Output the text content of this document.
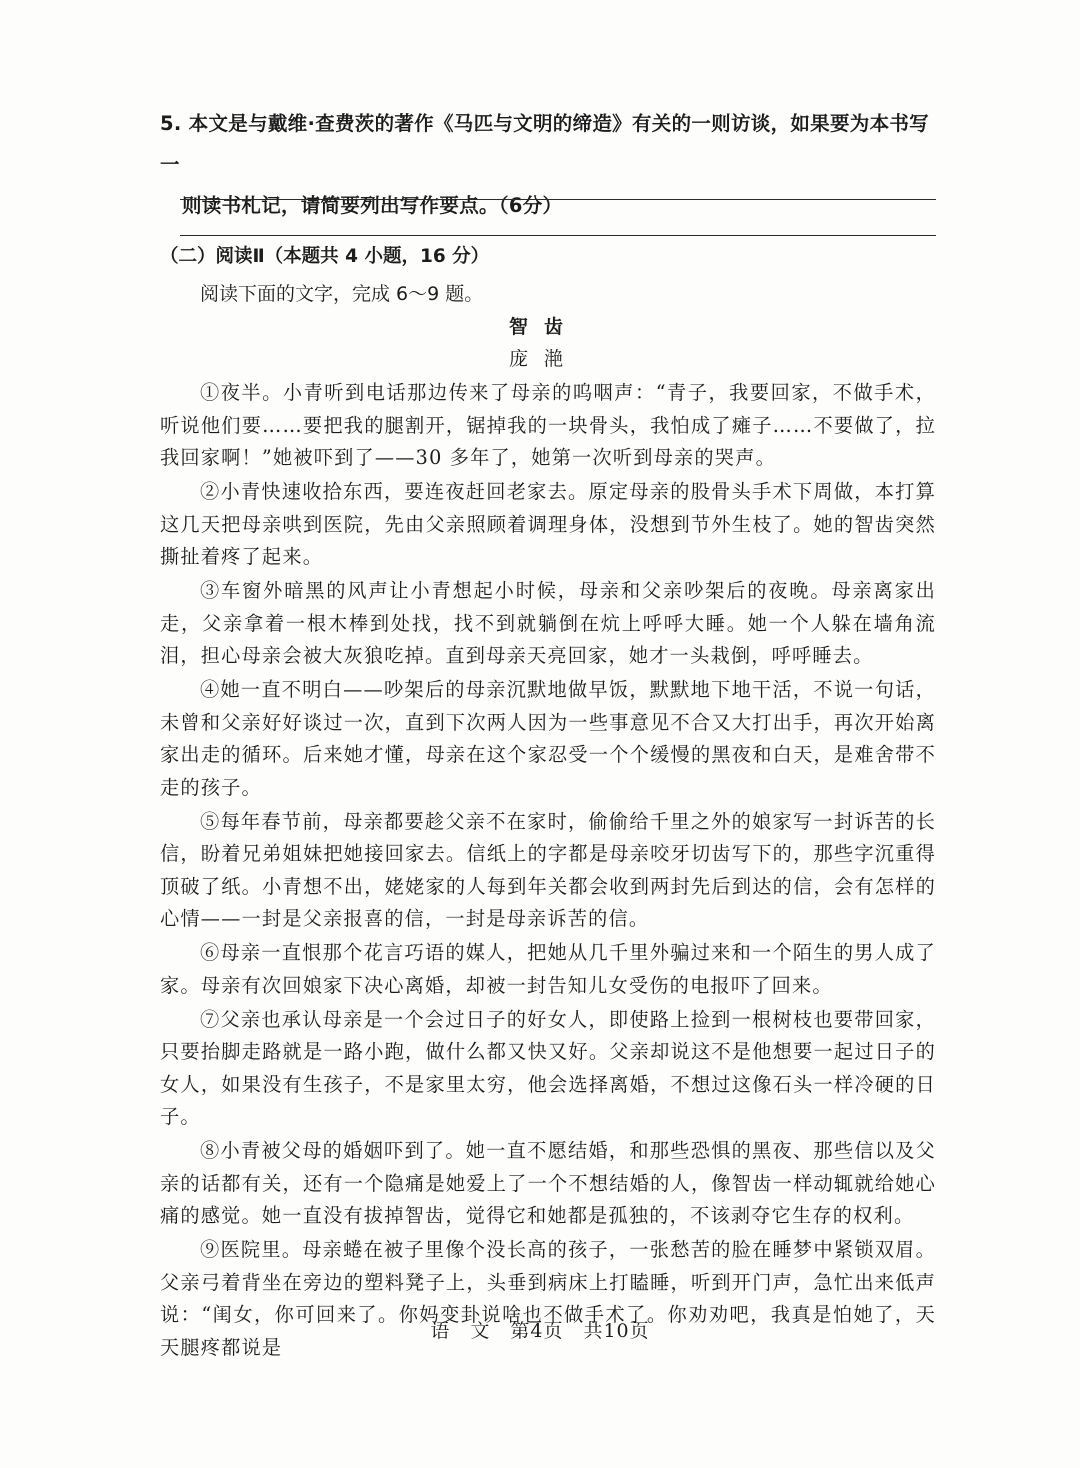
5. 本文是与戴维·查费茨的著作《马匹与文明的缔造》有关的一则访谈，如果要为本书写一
则读书札记，请简要列出写作要点。（6分）
（二）阅读Ⅱ（本题共 4 小题，16 分）
阅读下面的文字，完成 6～9 题。
智齿
庞滟

①夜半。小青听到电话那边传来了母亲的呜咽声：“青子，我要回家，不做手术，听说他们要……要把我的腿割开，锯掉我的一块骨头，我怕成了瘫子……不要做了，拉我回家啊！”她被吓到了——30 多年了，她第一次听到母亲的哭声。

②小青快速收拾东西，要连夜赶回老家去。原定母亲的股骨头手术下周做，本打算这几天把母亲哄到医院，先由父亲照顾着调理身体，没想到节外生枝了。她的智齿突然撕扯着疼了起来。

③车窗外暗黑的风声让小青想起小时候，母亲和父亲吵架后的夜晚。母亲离家出走，父亲拿着一根木棒到处找，找不到就躺倒在炕上呼呼大睡。她一个人躲在墙角流泪，担心母亲会被大灰狼吃掉。直到母亲天亮回家，她才一头栽倒，呼呼睡去。

④她一直不明白——吵架后的母亲沉默地做早饭，默默地下地干活，不说一句话，未曾和父亲好好谈过一次，直到下次两人因为一些事意见不合又大打出手，再次开始离家出走的循环。后来她才懂，母亲在这个家忍受一个个缓慢的黑夜和白天，是难舍带不走的孩子。

⑤每年春节前，母亲都要趁父亲不在家时，偷偷给千里之外的娘家写一封诉苦的长信，盼着兄弟姐妹把她接回家去。信纸上的字都是母亲咬牙切齿写下的，那些字沉重得顶破了纸。小青想不出，姥姥家的人每到年关都会收到两封先后到达的信，会有怎样的心情——一封是父亲报喜的信，一封是母亲诉苦的信。

⑥母亲一直恨那个花言巧语的媒人，把她从几千里外骗过来和一个陌生的男人成了家。母亲有次回娘家下决心离婚，却被一封告知儿女受伤的电报吓了回来。

⑦父亲也承认母亲是一个会过日子的好女人，即使路上捡到一根树枝也要带回家，只要抬脚走路就是一路小跑，做什么都又快又好。父亲却说这不是他想要一起过日子的女人，如果没有生孩子，不是家里太穷，他会选择离婚，不想过这像石头一样冷硬的日子。

⑧小青被父母的婚姻吓到了。她一直不愿结婚，和那些恐惧的黑夜、那些信以及父亲的话都有关，还有一个隐痛是她爱上了一个不想结婚的人，像智齿一样动辄就给她心痛的感觉。她一直没有拔掉智齿，觉得它和她都是孤独的，不该剥夺它生存的权利。

⑨医院里。母亲蜷在被子里像个没长高的孩子，一张愁苦的脸在睡梦中紧锁双眉。父亲弓着背坐在旁边的塑料凳子上，头垂到病床上打瞌睡，听到开门声，急忙出来低声说：“闺女，你可回来了。你妈变卦说啥也不做手术了。你劝劝吧，我真是怕她了，天天腿疼都说是

语　文　第4页　共10页
